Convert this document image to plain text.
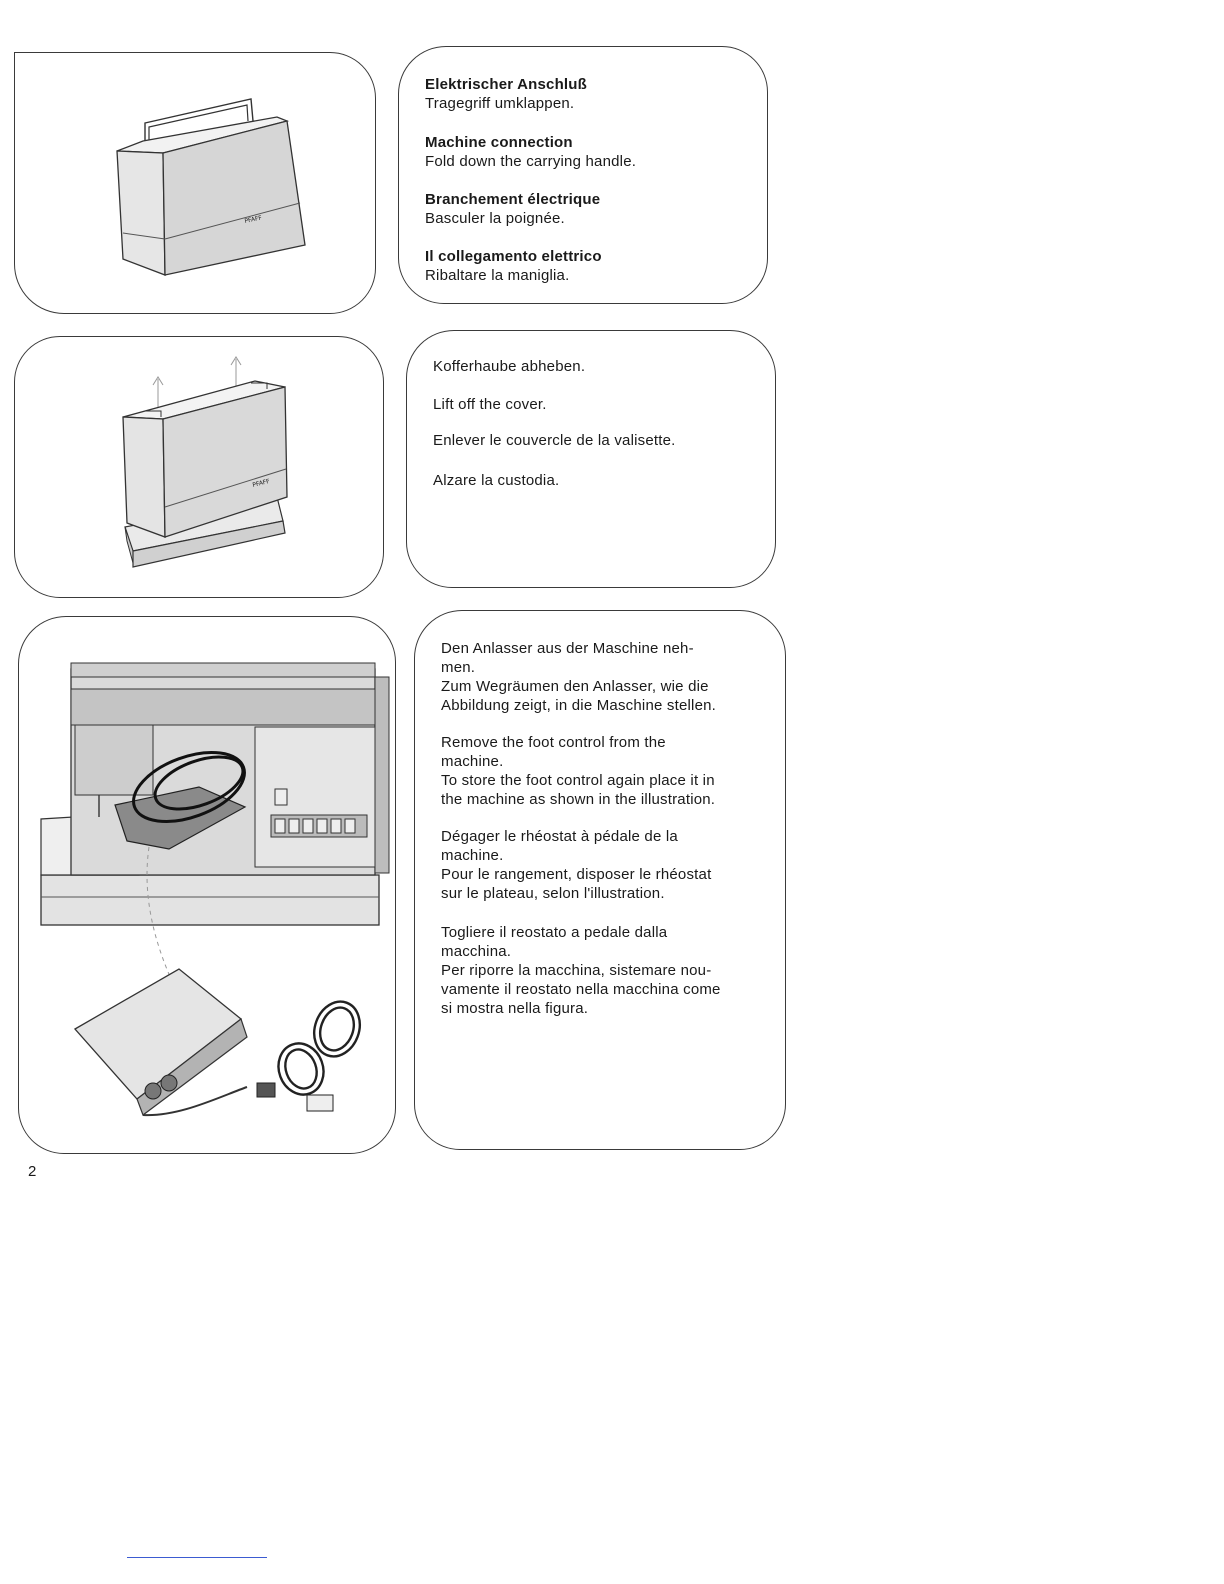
PFAFF
Elektrischer Anschluß
Tragegriff umklappen.
Machine connection
Fold down the carrying handle.
Branchement électrique
Basculer la poignée.
Il collegamento elettrico
Ribaltare la maniglia.
PFAFF
Kofferhaube abheben.
Lift off the cover.
Enlever le couvercle de la valisette.
Alzare la custodia.
Den Anlasser aus der Maschine neh-
men.
Zum Wegräumen den Anlasser, wie die
Abbildung zeigt, in die Maschine stellen.
Remove the foot control from the
machine.
To store the foot control again place it in
the machine as shown in the illustration.
Dégager le rhéostat à pédale de la
machine.
Pour le rangement, disposer le rhéostat
sur le plateau, selon l'illustration.
Togliere il reostato a pedale dalla
macchina.
Per riporre la macchina, sistemare nou-
vamente il reostato nella macchina come
si mostra nella figura.
2
